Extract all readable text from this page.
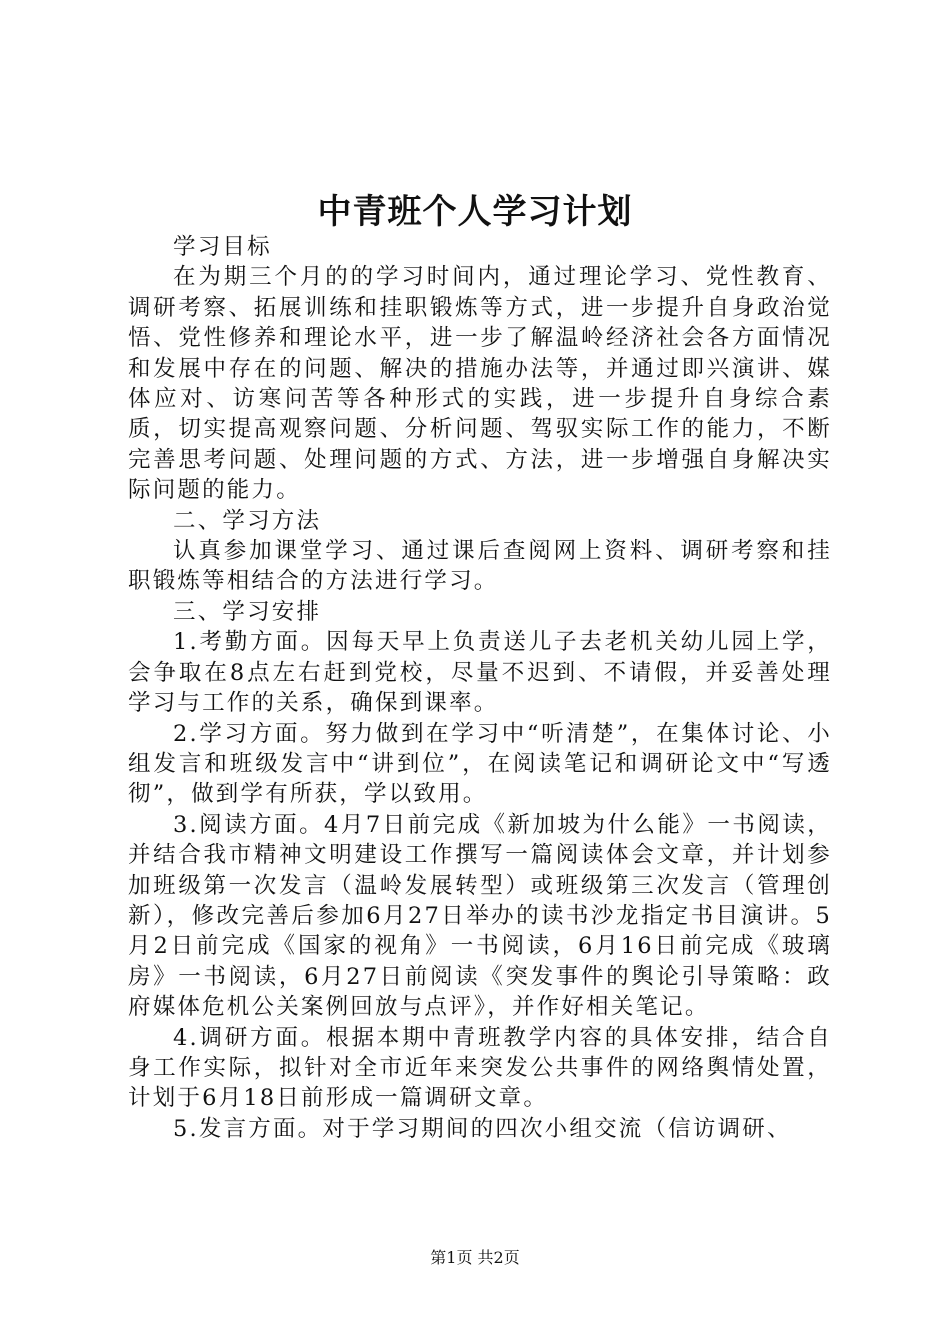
中青班个人学习计划

学习目标

在为期三个月的的学习时间内，通过理论学习、党性教育、调研考察、拓展训练和挂职锻炼等方式，进一步提升自身政治觉悟、党性修养和理论水平，进一步了解温岭经济社会各方面情况和发展中存在的问题、解决的措施办法等，并通过即兴演讲、媒体应对、访寒问苦等各种形式的实践，进一步提升自身综合素质，切实提高观察问题、分析问题、驾驭实际工作的能力，不断完善思考问题、处理问题的方式、方法，进一步增强自身解决实际问题的能力。

二、学习方法

认真参加课堂学习、通过课后查阅网上资料、调研考察和挂职锻炼等相结合的方法进行学习。

三、学习安排

1.考勤方面。因每天早上负责送儿子去老机关幼儿园上学，会争取在8点左右赶到党校，尽量不迟到、不请假，并妥善处理学习与工作的关系，确保到课率。

2.学习方面。努力做到在学习中“听清楚”，在集体讨论、小组发言和班级发言中“讲到位”，在阅读笔记和调研论文中“写透彻”，做到学有所获，学以致用。

3.阅读方面。4月7日前完成《新加坡为什么能》一书阅读，并结合我市精神文明建设工作撰写一篇阅读体会文章，并计划参加班级第一次发言（温岭发展转型）或班级第三次发言（管理创新），修改完善后参加6月27日举办的读书沙龙指定书目演讲。5月2日前完成《国家的视角》一书阅读，6月16日前完成《玻璃房》一书阅读，6月27日前阅读《突发事件的舆论引导策略：政府媒体危机公关案例回放与点评》，并作好相关笔记。

4.调研方面。根据本期中青班教学内容的具体安排，结合自身工作实际，拟针对全市近年来突发公共事件的网络舆情处置，计划于6月18日前形成一篇调研文章。

5.发言方面。对于学习期间的四次小组交流（信访调研、

第1页 共2页
